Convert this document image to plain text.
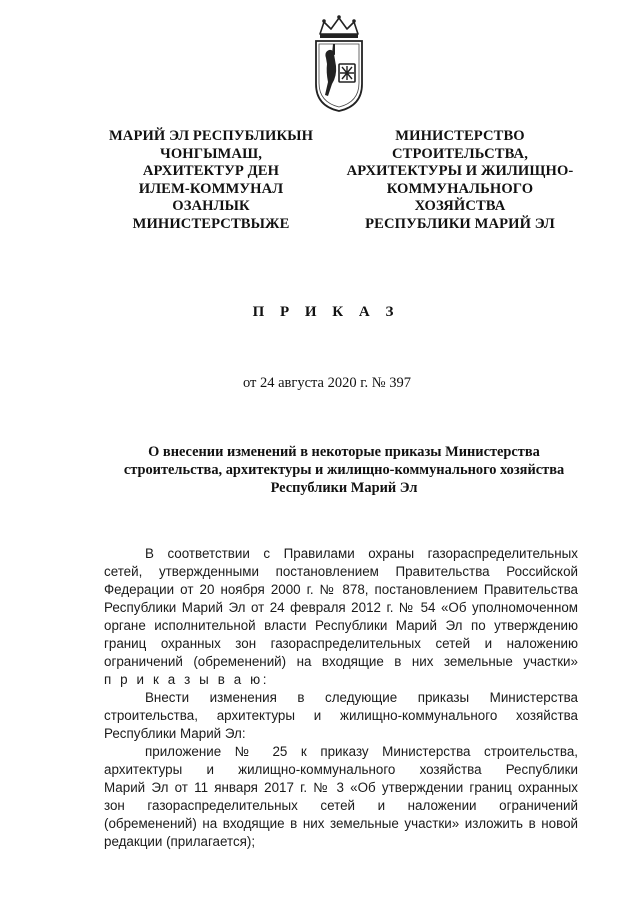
МАРИЙ ЭЛ РЕСПУБЛИКЫН
ЧОНГЫМАШ,
АРХИТЕКТУР ДЕН
ИЛЕМ-КОММУНАЛ
ОЗАНЛЫК
МИНИСТЕРСТВЫЖЕ
МИНИСТЕРСТВО
СТРОИТЕЛЬСТВА,
АРХИТЕКТУРЫ И ЖИЛИЩНО-
КОММУНАЛЬНОГО
ХОЗЯЙСТВА
РЕСПУБЛИКИ МАРИЙ ЭЛ
П Р И К А З
от 24 августа 2020 г. № 397
О внесении изменений в некоторые приказы Министерства
строительства, архитектуры и жилищно-коммунального хозяйства
Республики Марий Эл
В соответствии с Правилами охраны газораспределительных
сетей, утвержденными постановлением Правительства Российской
Федерации от 20 ноября 2000 г. № 878, постановлением Правительства
Республики Марий Эл от 24 февраля 2012 г. № 54 «Об уполномоченном
органе исполнительной власти Республики Марий Эл по утверждению
границ охранных зон газораспределительных сетей и наложению
ограничений (обременений) на вxодящие в них земельные участки»
п р и к а з ы в а ю:
Внести изменения в следующие приказы Министерства
строительства, архитектуры и жилищно-коммунального хозяйства
Республики Марий Эл:
приложение № 25 к приказу Министерства строительства,
архитектуры и жилищно-коммунального хозяйства Республики
Марий Эл от 11 января 2017 г. № 3 «Об утверждении границ охранных
зон газораспределительных сетей и наложении ограничений
(обременений) на входящие в них земельные участки» изложить в новой
редакции (прилагается);
